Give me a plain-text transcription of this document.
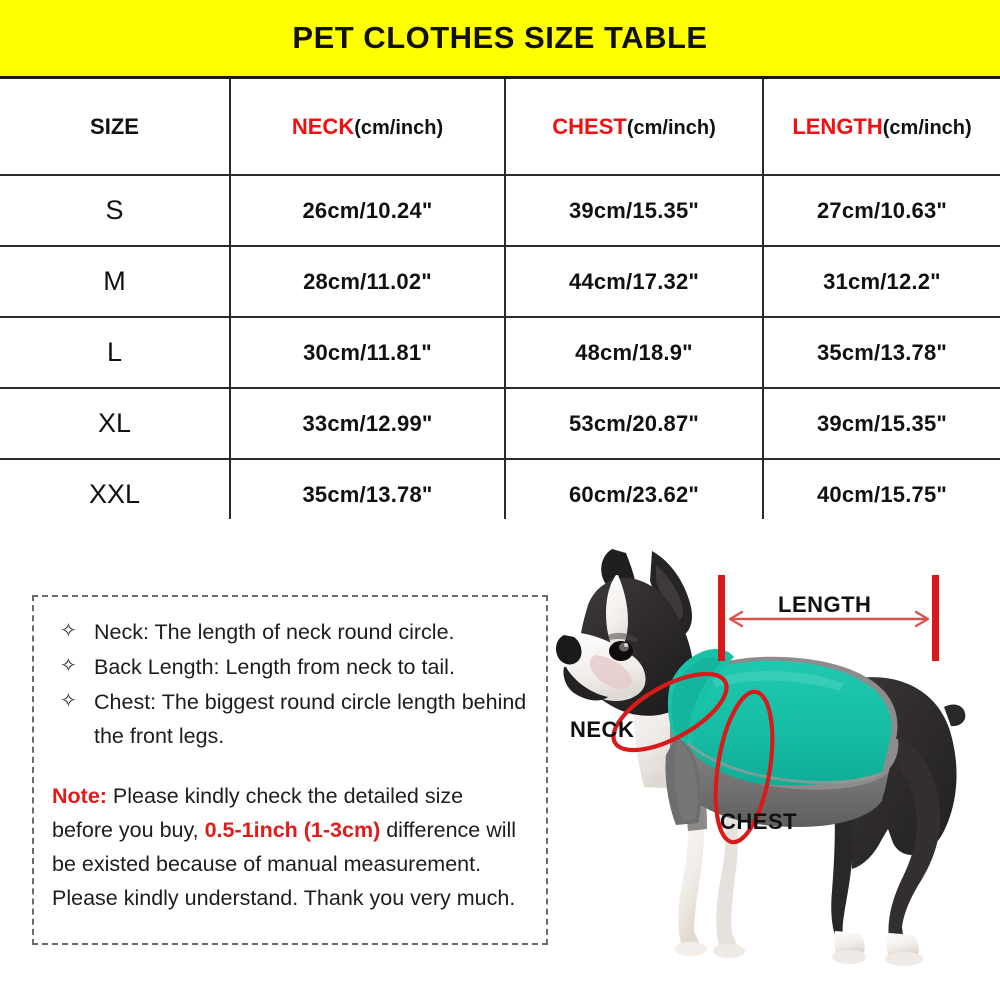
PET CLOTHES SIZE TABLE
SIZE	NECK(cm/inch)	CHEST(cm/inch)	LENGTH(cm/inch)
S	26cm/10.24"	39cm/15.35"	27cm/10.63"
M	28cm/11.02"	44cm/17.32"	31cm/12.2"
L	30cm/11.81"	48cm/18.9"	35cm/13.78"
XL	33cm/12.99"	53cm/20.87"	39cm/15.35"
XXL	35cm/13.78"	60cm/23.62"	40cm/15.75"
✧ Neck: The length of neck round circle.
✧ Back Length: Length from neck to tail.
✧ Chest: The biggest round circle length behind the front legs.

Note: Please kindly check the detailed size before you buy, 0.5-1inch (1-3cm) difference will be existed because of manual measurement. Please kindly understand. Thank you very much.

LENGTH
NECK
CHEST
